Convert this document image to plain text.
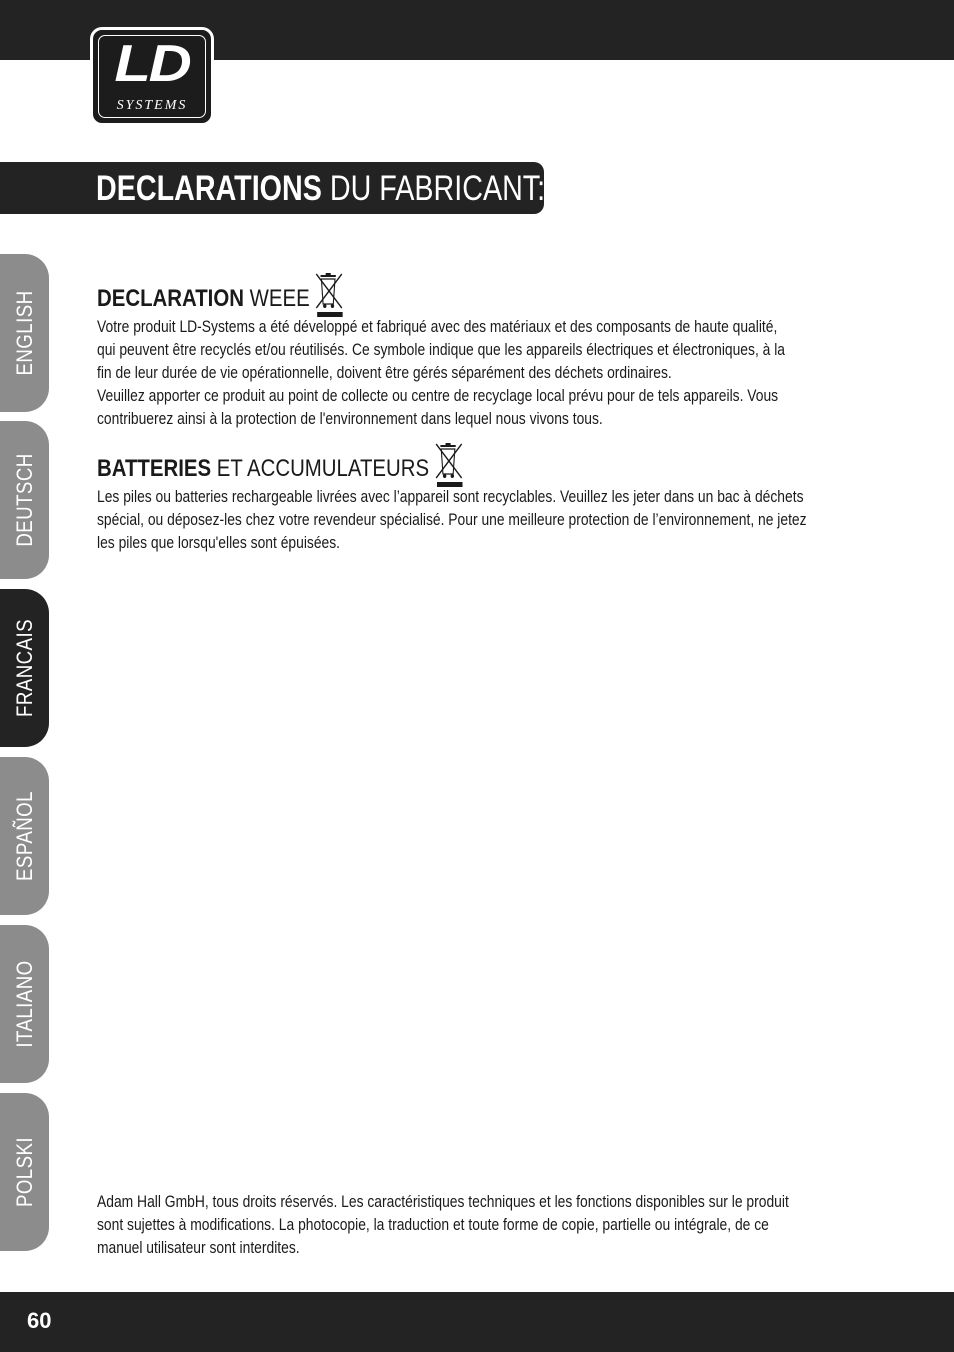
LD
SYSTEMS
DECLARATIONS DU FABRICANT:
ENGLISH
DEUTSCH
FRANCAIS
ESPAÑOL
ITALIANO
POLSKI
DECLARATION WEEE
Votre produit LD-Systems a été développé et fabriqué avec des matériaux et des composants de haute qualité,
qui peuvent être recyclés et/ou réutilisés. Ce symbole indique que les appareils électriques et électroniques, à la
fin de leur durée de vie opérationnelle, doivent être gérés séparément des déchets ordinaires.
Veuillez apporter ce produit au point de collecte ou centre de recyclage local prévu pour de tels appareils. Vous
contribuerez ainsi à la protection de l'environnement dans lequel nous vivons tous.
BATTERIES ET ACCUMULATEURS
Les piles ou batteries rechargeable livrées avec l’appareil sont recyclables. Veuillez les jeter dans un bac à déchets
spécial, ou déposez-les chez votre revendeur spécialisé. Pour une meilleure protection de l’environnement, ne jetez
les piles que lorsqu'elles sont épuisées.
Adam Hall GmbH, tous droits réservés. Les caractéristiques techniques et les fonctions disponibles sur le produit
sont sujettes à modifications. La photocopie, la traduction et toute forme de copie, partielle ou intégrale, de ce
manuel utilisateur sont interdites.
60
